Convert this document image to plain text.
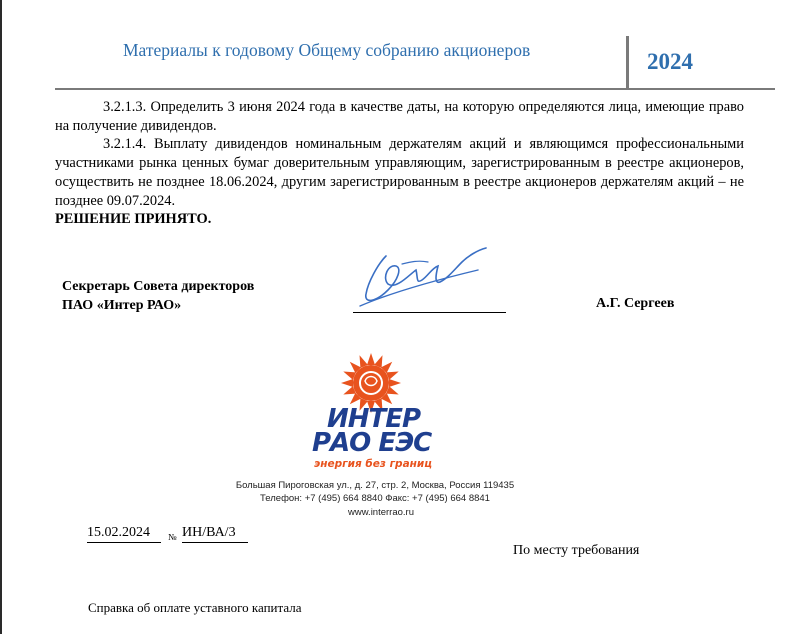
Материалы к годовому Общему собранию акционеров	2024

3.2.1.3. Определить 3 июня 2024 года в качестве даты, на которую определяются лица, имеющие право на получение дивидендов.

3.2.1.4. Выплату дивидендов номинальным держателям акций и являющимся профессиональными участниками рынка ценных бумаг доверительным управляющим, зарегистрированным в реестре акционеров, осуществить не позднее 18.06.2024, другим зарегистрированным в реестре акционеров держателям акций – не позднее 09.07.2024.

РЕШЕНИЕ ПРИНЯТО.

Секретарь Совета директоров
ПАО «Интер РАО»	А.Г. Сергеев
ИНТЕР
РАО ЕЭС
энергия без границ
Большая Пироговская ул., д. 27, стр. 2, Москва, Россия 119435
Телефон: +7 (495) 664 8840 Факс: +7 (495) 664 8841
www.interrao.ru
15.02.2024	№ ИН/ВА/3
По месту требования
Справка об оплате уставного капитала
